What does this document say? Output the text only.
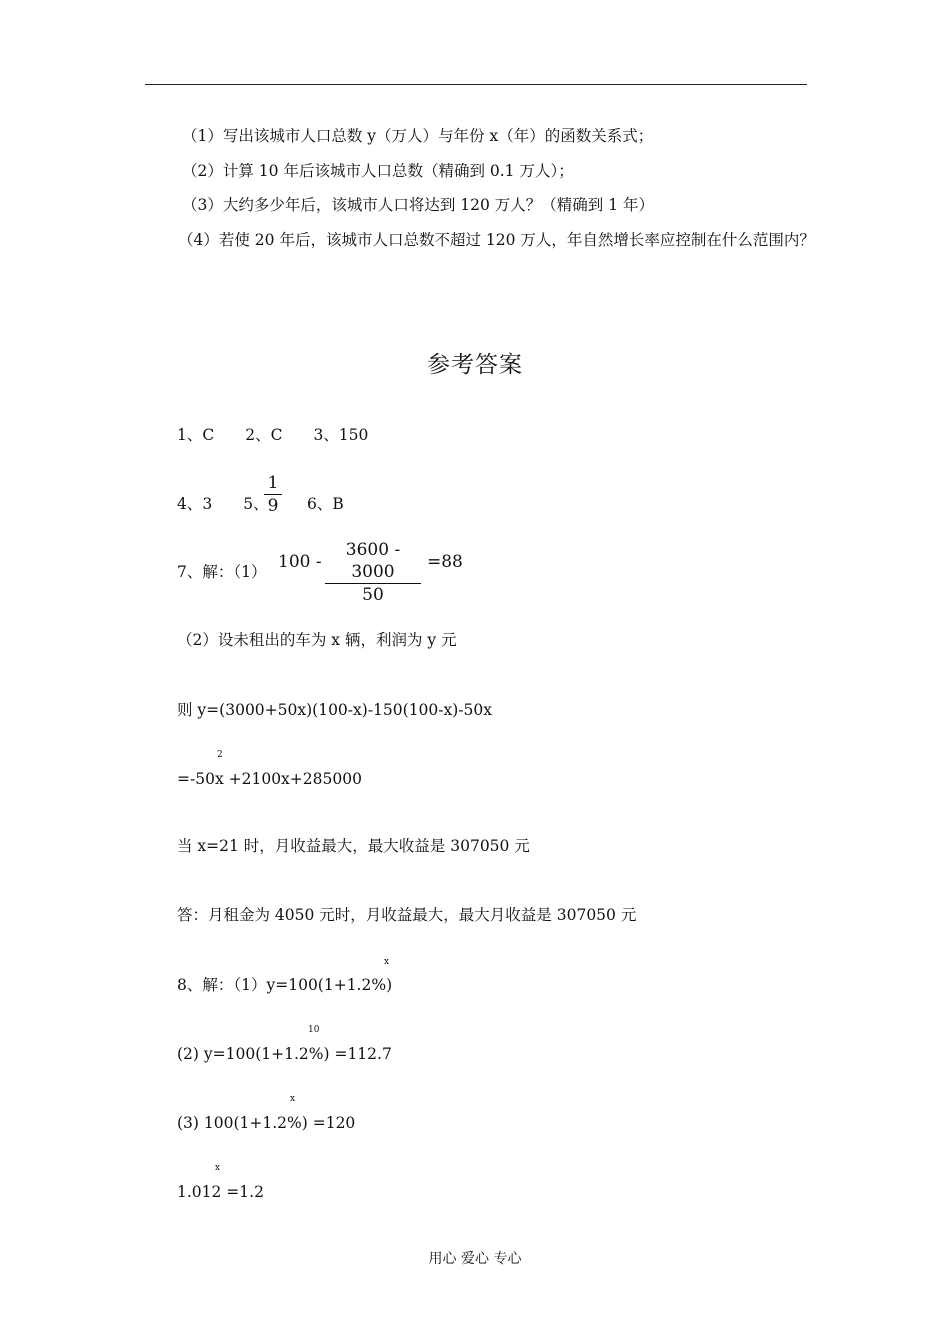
（1）写出该城市人口总数 y（万人）与年份 x（年）的函数关系式；
（2）计算 10 年后该城市人口总数（精确到 0.1 万人）；
（3）大约多少年后，该城市人口将达到 120 万人？（精确到 1 年）
（4）若使 20 年后，该城市人口总数不超过 120 万人，年自然增长率应控制在什么范围内？
参考答案
1、C　　2、C　　3、150
4、3　　5、
$\frac{1}{9} 6$、B
7、解：（1） $100 - \frac{3600 - 3000}{50} =88$
（2）设未租出的车为 x 辆，利润为 y 元
则 y=(3000+50x)(100-x)-150(100-x)-50x
2
=-50x +2100x+285000
当 x=21 时，月收益最大，最大收益是 307050 元
答：月租金为 4050 元时，月收益最大，最大月收益是 307050 元
x
8、解：（1）y=100(1+1.2%)
10
(2) y=100(1+1.2%) =112.7
x
(3) 100(1+1.2%) =120
x
1.012 =1.2
用心 爱心 专心
